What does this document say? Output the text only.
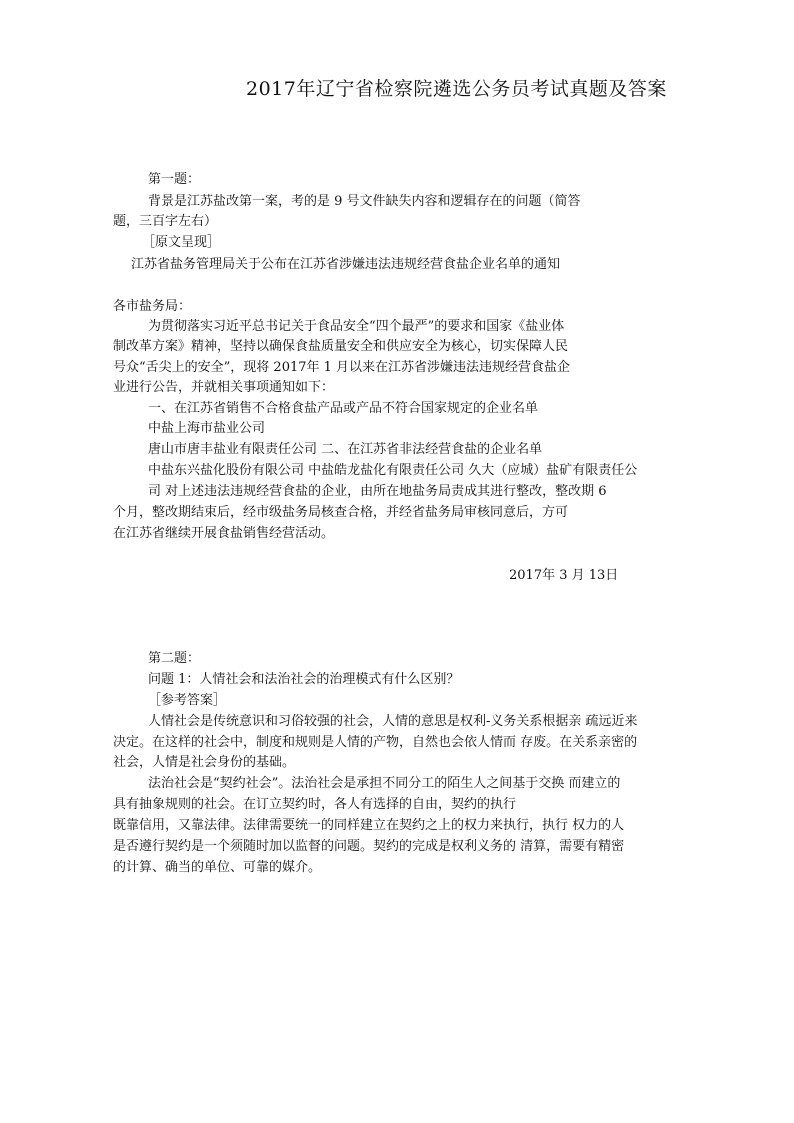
2017年辽宁省检察院遴选公务员考试真题及答案
第一题：
背景是江苏盐改第一案，考的是 9 号文件缺失内容和逻辑存在的问题（简答
题，三百字左右）
［原文呈现］
江苏省盐务管理局关于公布在江苏省涉嫌违法违规经营食盐企业名单的通知
各市盐务局：
为贯彻落实习近平总书记关于食品安全“四个最严”的要求和国家《盐业体
制改革方案》精神，坚持以确保食盐质量安全和供应安全为核心，切实保障人民
号众“舌尖上的安全”，现将 2017年 1 月以来在江苏省涉嫌违法违规经营食盐企
业进行公告，并就相关事项通知如下：
一、在江苏省销售不合格食盐产品或产品不符合国家规定的企业名单
中盐上海市盐业公司
唐山市唐丰盐业有限责任公司 二、在江苏省非法经营食盐的企业名单
中盐东兴盐化股份有限公司 中盐皓龙盐化有限责任公司 久大（应城）盐矿有限责任公
司 对上述违法违规经营食盐的企业，由所在地盐务局责成其进行整改，整改期 6
个月，整改期结束后，经市级盐务局核查合格，并经省盐务局审核同意后，方可
在江苏省继续开展食盐销售经营活动。
2017年 3 月 13日
第二题：
问题 1：人情社会和法治社会的治理模式有什么区别？
［参考答案］
人情社会是传统意识和习俗较强的社会，人情的意思是权利-义务关系根据亲 疏远近来
决定。在这样的社会中，制度和规则是人情的产物，自然也会依人情而 存废。在关系亲密的
社会，人情是社会身份的基础。
法治社会是“契约社会”。法治社会是承担不同分工的陌生人之间基于交换 而建立的
具有抽象规则的社会。在订立契约时，各人有选择的自由，契约的执行
既靠信用，又靠法律。法律需要统一的同样建立在契约之上的权力来执行，执行 权力的人
是否遵行契约是一个须随时加以监督的问题。契约的完成是权利义务的 清算，需要有精密
的计算、确当的单位、可靠的媒介。
